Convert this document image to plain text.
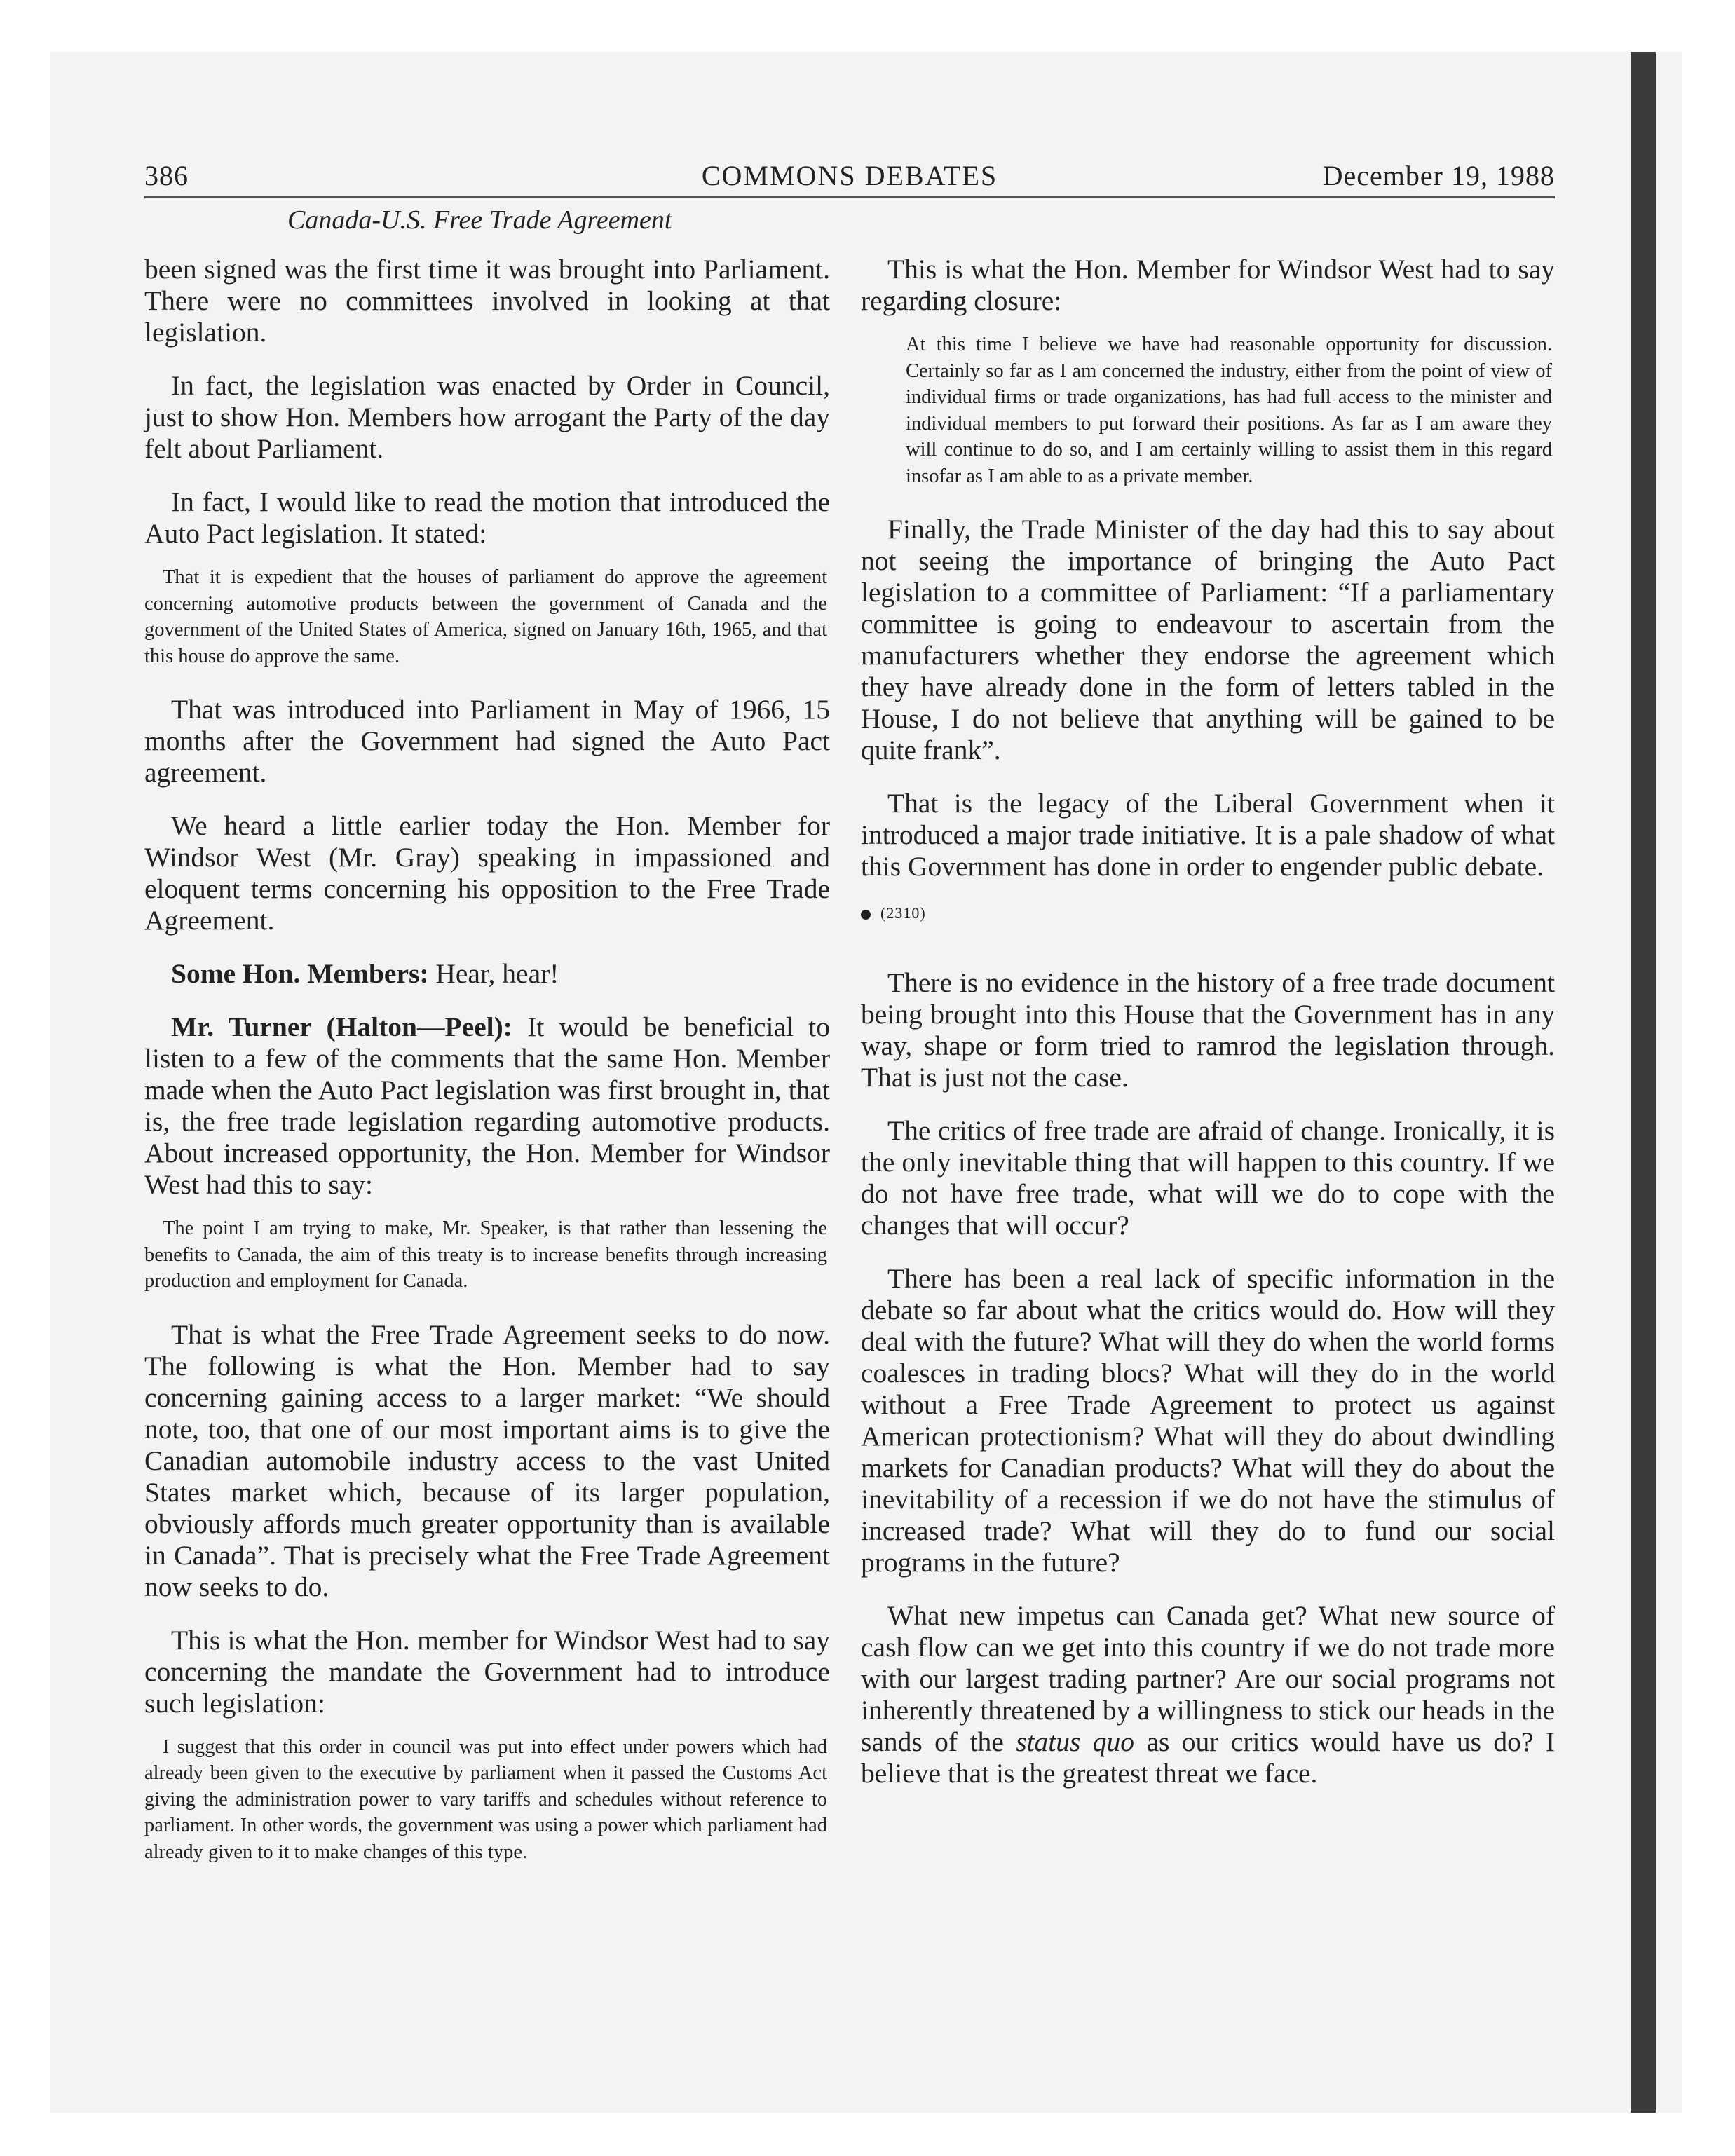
386	COMMONS DEBATES	December 19, 1988
Canada-U.S. Free Trade Agreement

been signed was the first time it was brought into Parliament. There were no committees involved in looking at that legislation.

In fact, the legislation was enacted by Order in Council, just to show Hon. Members how arrogant the Party of the day felt about Parliament.

In fact, I would like to read the motion that introduced the Auto Pact legislation. It stated:

That it is expedient that the houses of parliament do approve the agreement concerning automotive products between the government of Canada and the government of the United States of America, signed on January 16th, 1965, and that this house do approve the same.

That was introduced into Parliament in May of 1966, 15 months after the Government had signed the Auto Pact agreement.

We heard a little earlier today the Hon. Member for Windsor West (Mr. Gray) speaking in impassioned and eloquent terms concerning his opposition to the Free Trade Agreement.

Some Hon. Members: Hear, hear!

Mr. Turner (Halton—Peel): It would be beneficial to listen to a few of the comments that the same Hon. Member made when the Auto Pact legislation was first brought in, that is, the free trade legislation regarding automotive products. About increased opportunity, the Hon. Member for Windsor West had this to say:

The point I am trying to make, Mr. Speaker, is that rather than lessening the benefits to Canada, the aim of this treaty is to increase benefits through increasing production and employment for Canada.

That is what the Free Trade Agreement seeks to do now. The following is what the Hon. Member had to say concerning gaining access to a larger market: “We should note, too, that one of our most important aims is to give the Canadian automobile industry access to the vast United States market which, because of its larger population, obviously affords much greater opportunity than is available in Canada”. That is precisely what the Free Trade Agreement now seeks to do.

This is what the Hon. member for Windsor West had to say concerning the mandate the Government had to introduce such legislation:

I suggest that this order in council was put into effect under powers which had already been given to the executive by parliament when it passed the Customs Act giving the administration power to vary tariffs and schedules without reference to parliament. In other words, the government was using a power which parliament had already given to it to make changes of this type.

This is what the Hon. Member for Windsor West had to say regarding closure:

At this time I believe we have had reasonable opportunity for discussion. Certainly so far as I am concerned the industry, either from the point of view of individual firms or trade organizations, has had full access to the minister and individual members to put forward their positions. As far as I am aware they will continue to do so, and I am certainly willing to assist them in this regard insofar as I am able to as a private member.

Finally, the Trade Minister of the day had this to say about not seeing the importance of bringing the Auto Pact legislation to a committee of Parliament: “If a parliamentary committee is going to endeavour to ascertain from the manufacturers whether they endorse the agreement which they have already done in the form of letters tabled in the House, I do not believe that anything will be gained to be quite frank”.

That is the legacy of the Liberal Government when it introduced a major trade initiative. It is a pale shadow of what this Government has done in order to engender public debate.

(2310)

There is no evidence in the history of a free trade document being brought into this House that the Government has in any way, shape or form tried to ramrod the legislation through. That is just not the case.

The critics of free trade are afraid of change. Ironically, it is the only inevitable thing that will happen to this country. If we do not have free trade, what will we do to cope with the changes that will occur?

There has been a real lack of specific information in the debate so far about what the critics would do. How will they deal with the future? What will they do when the world forms coalesces in trading blocs? What will they do in the world without a Free Trade Agreement to protect us against American protectionism? What will they do about dwindling markets for Canadian products? What will they do about the inevitability of a recession if we do not have the stimulus of increased trade? What will they do to fund our social programs in the future?

What new impetus can Canada get? What new source of cash flow can we get into this country if we do not trade more with our largest trading partner? Are our social programs not inherently threatened by a willingness to stick our heads in the sands of the status quo as our critics would have us do? I believe that is the greatest threat we face.
